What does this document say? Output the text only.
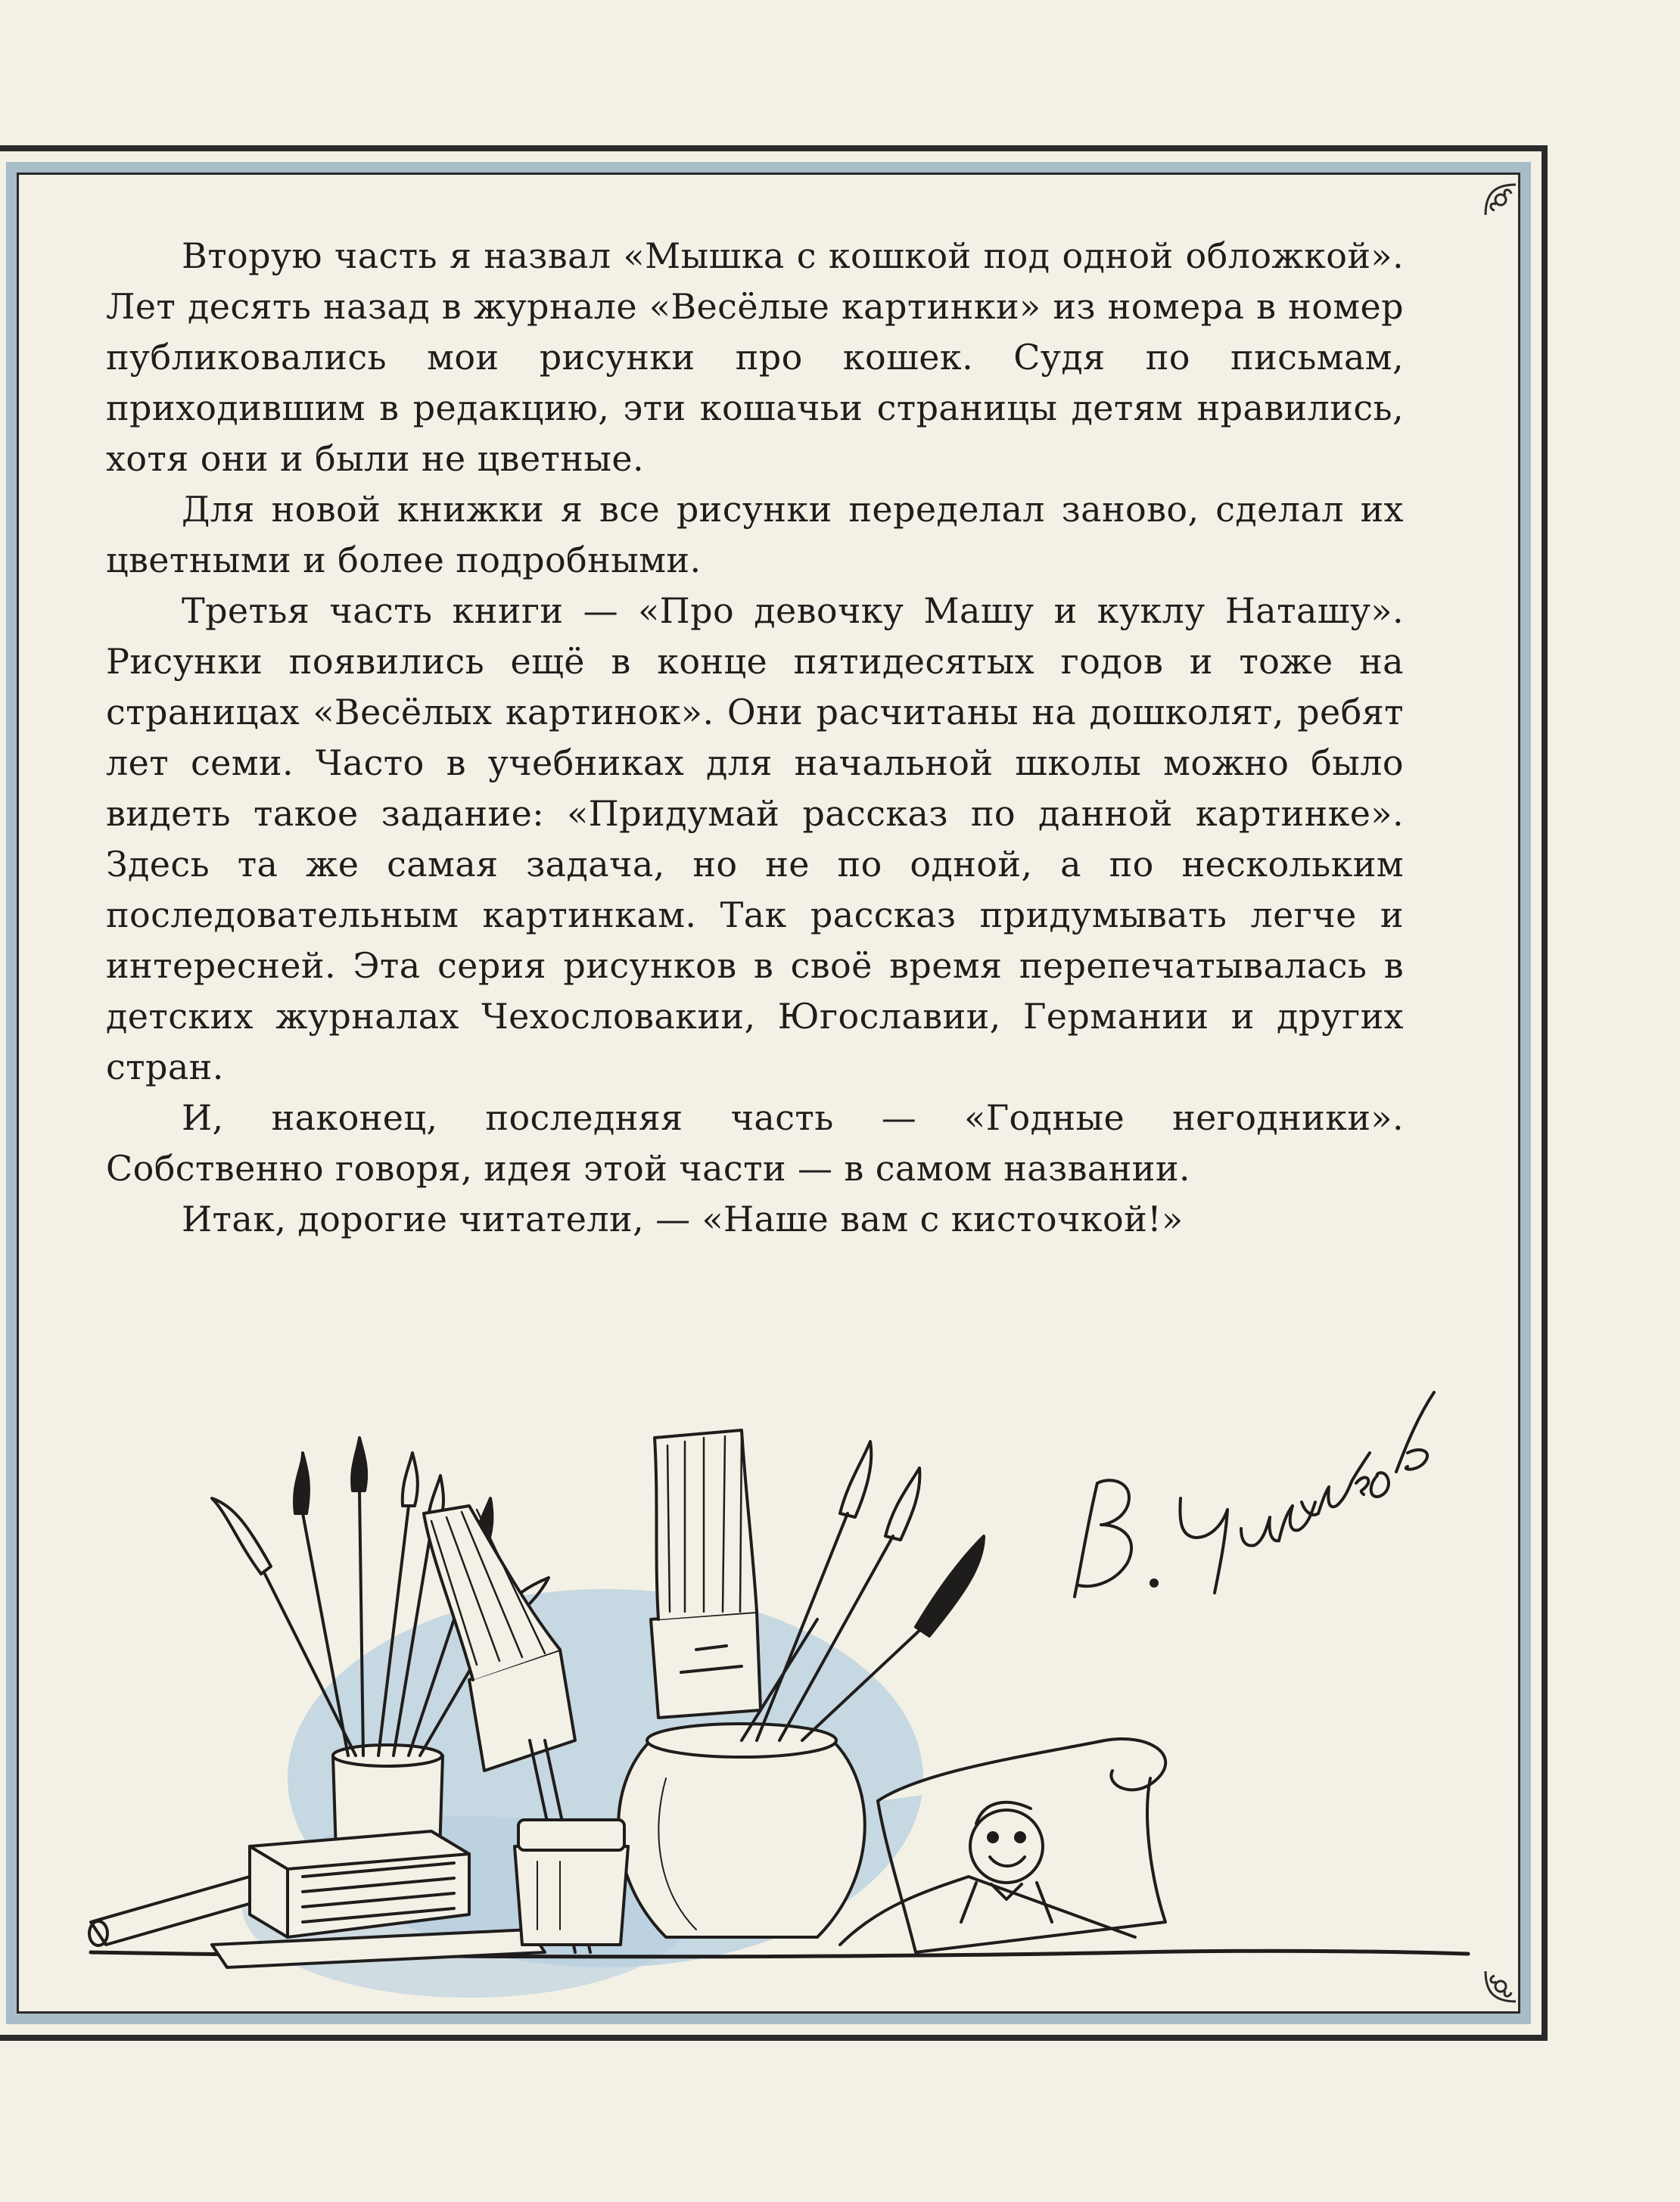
Вторую часть я назвал «Мышка с кошкой под одной обложкой». Лет десять назад в журнале «Весёлые картинки» из номера в номер публиковались мои рисунки про кошек. Судя по письмам, приходившим в редакцию, эти кошачьи страницы детям нравились, хотя они и были не цветные.

Для новой книжки я все рисунки переделал заново, сделал их цветными и более подробными.

Третья часть книги — «Про девочку Машу и куклу Наташу». Рисунки появились ещё в конце пятидесятых годов и тоже на страницах «Весёлых картинок». Они расчитаны на дошколят, ребят лет семи. Часто в учебниках для начальной школы можно было видеть такое задание: «Придумай рассказ по данной картинке». Здесь та же самая задача, но не по одной, а по нескольким последовательным картинкам. Так рассказ придумывать легче и интересней. Эта серия рисунков в своё время перепечатывалась в детских журналах Чехословакии, Югославии, Германии и других стран.

И, наконец, последняя часть — «Годные негодники». Собственно говоря, идея этой части — в самом названии.

Итак, дорогие читатели, — «Наше вам с кисточкой!»
